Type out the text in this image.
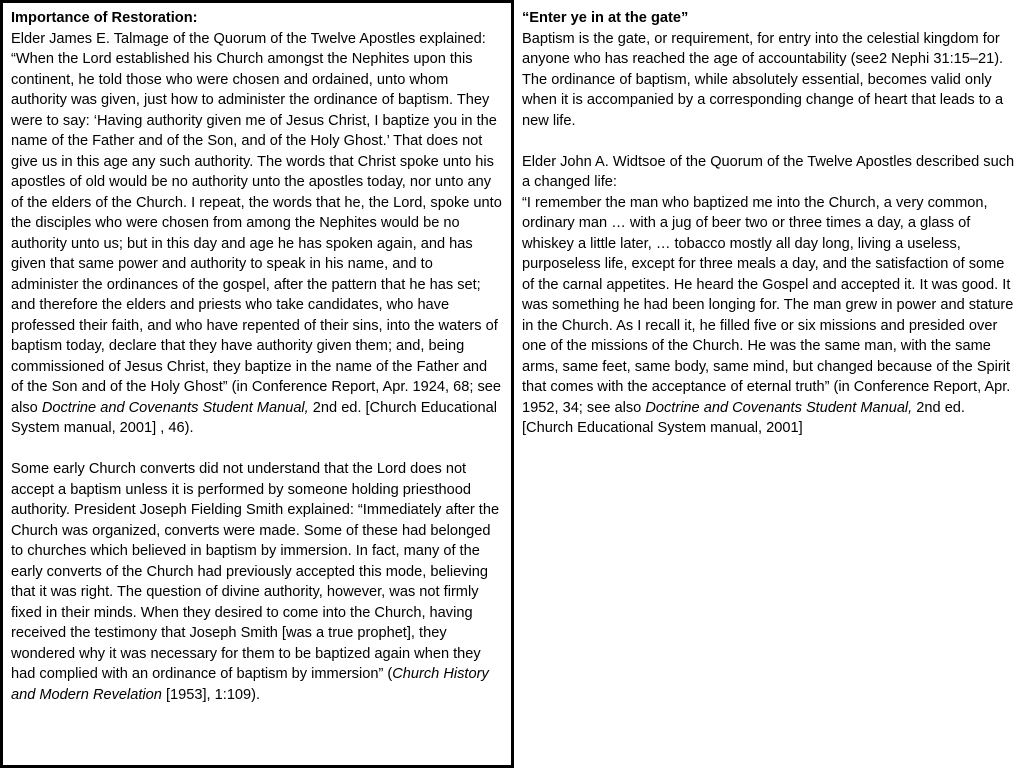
Importance of Restoration:

Elder James E. Talmage of the Quorum of the Twelve Apostles explained:

“When the Lord established his Church amongst the Nephites upon this continent, he told those who were chosen and ordained, unto whom authority was given, just how to administer the ordinance of baptism. They were to say: ‘Having authority given me of Jesus Christ, I baptize you in the name of the Father and of the Son, and of the Holy Ghost.’ That does not give us in this age any such authority. The words that Christ spoke unto his apostles of old would be no authority unto the apostles today, nor unto any of the elders of the Church. I repeat, the words that he, the Lord, spoke unto the disciples who were chosen from among the Nephites would be no authority unto us; but in this day and age he has spoken again, and has given that same power and authority to speak in his name, and to administer the ordinances of the gospel, after the pattern that he has set; and therefore the elders and priests who take candidates, who have professed their faith, and who have repented of their sins, into the waters of baptism today, declare that they have authority given them; and, being commissioned of Jesus Christ, they baptize in the name of the Father and of the Son and of the Holy Ghost” (in Conference Report, Apr. 1924, 68; see also Doctrine and Covenants Student Manual, 2nd ed. [Church Educational System manual, 2001] , 46).

Some early Church converts did not understand that the Lord does not accept a baptism unless it is performed by someone holding priesthood authority. President Joseph Fielding Smith explained: “Immediately after the Church was organized, converts were made. Some of these had belonged to churches which believed in baptism by immersion. In fact, many of the early converts of the Church had previously accepted this mode, believing that it was right. The question of divine authority, however, was not firmly fixed in their minds. When they desired to come into the Church, having received the testimony that Joseph Smith [was a true prophet], they wondered why it was necessary for them to be baptized again when they had complied with an ordinance of baptism by immersion” (Church History and Modern Revelation [1953], 1:109).

“Enter ye in at the gate”

Baptism is the gate, or requirement, for entry into the celestial kingdom for anyone who has reached the age of accountability (see2 Nephi 31:15–21). The ordinance of baptism, while absolutely essential, becomes valid only when it is accompanied by a corresponding change of heart that leads to a new life.

Elder John A. Widtsoe of the Quorum of the Twelve Apostles described such a changed life:

“I remember the man who baptized me into the Church, a very common, ordinary man … with a jug of beer two or three times a day, a glass of whiskey a little later, … tobacco mostly all day long, living a useless, purposeless life, except for three meals a day, and the satisfaction of some of the carnal appetites. He heard the Gospel and accepted it. It was good. It was something he had been longing for. The man grew in power and stature in the Church. As I recall it, he filled five or six missions and presided over one of the missions of the Church. He was the same man, with the same arms, same feet, same body, same mind, but changed because of the Spirit that comes with the acceptance of eternal truth” (in Conference Report, Apr. 1952, 34; see also Doctrine and Covenants Student Manual, 2nd ed. [Church Educational System manual, 2001]
